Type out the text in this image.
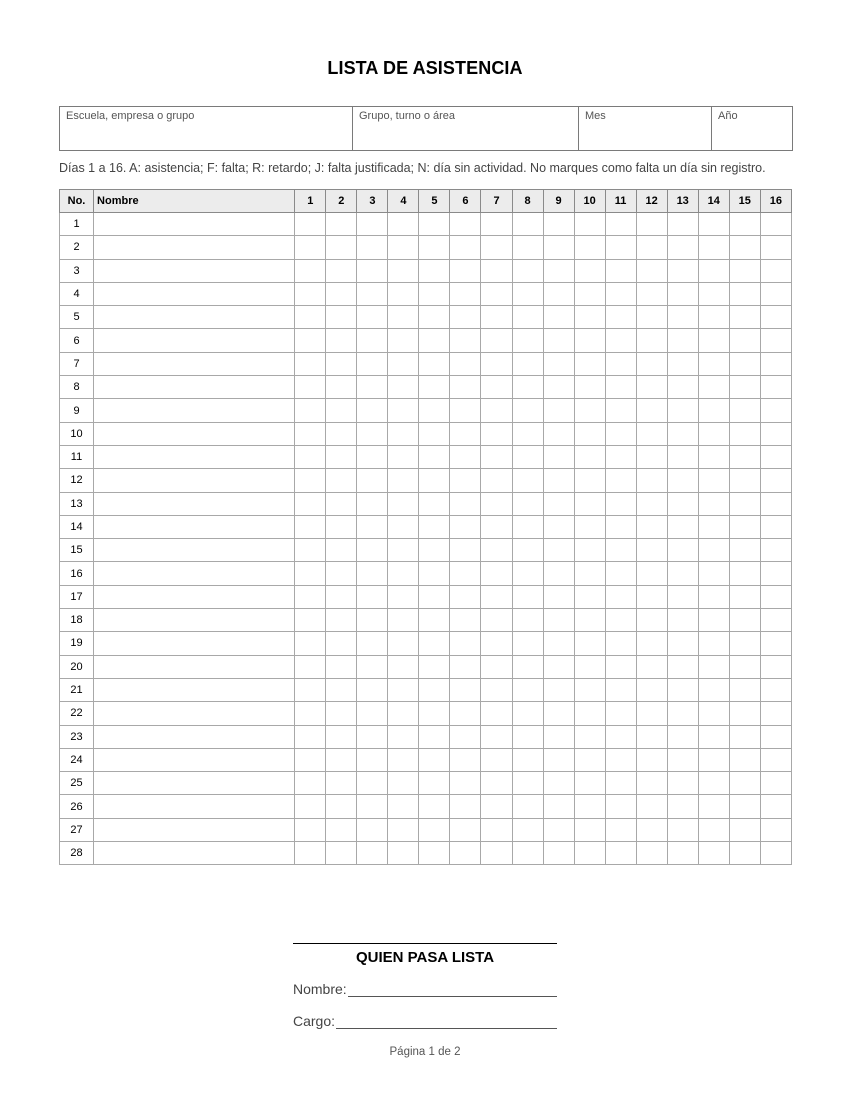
LISTA DE ASISTENCIA
Escuela, empresa o grupo	Grupo, turno o área	Mes	Año
Días 1 a 16. A: asistencia; F: falta; R: retardo; J: falta justificada; N: día sin actividad. No marques como falta un día sin registro.
No.	Nombre	1	2	3	4	5	6	7	8	9	10	11	12	13	14	15	16
1																	
2																	
3																	
4																	
5																	
6																	
7																	
8																	
9																	
10																	
11																	
12																	
13																	
14																	
15																	
16																	
17																	
18																	
19																	
20																	
21																	
22																	
23																	
24																	
25																	
26																	
27																	
28																	
QUIEN PASA LISTA
Nombre:
Cargo:
Página 1 de 2
